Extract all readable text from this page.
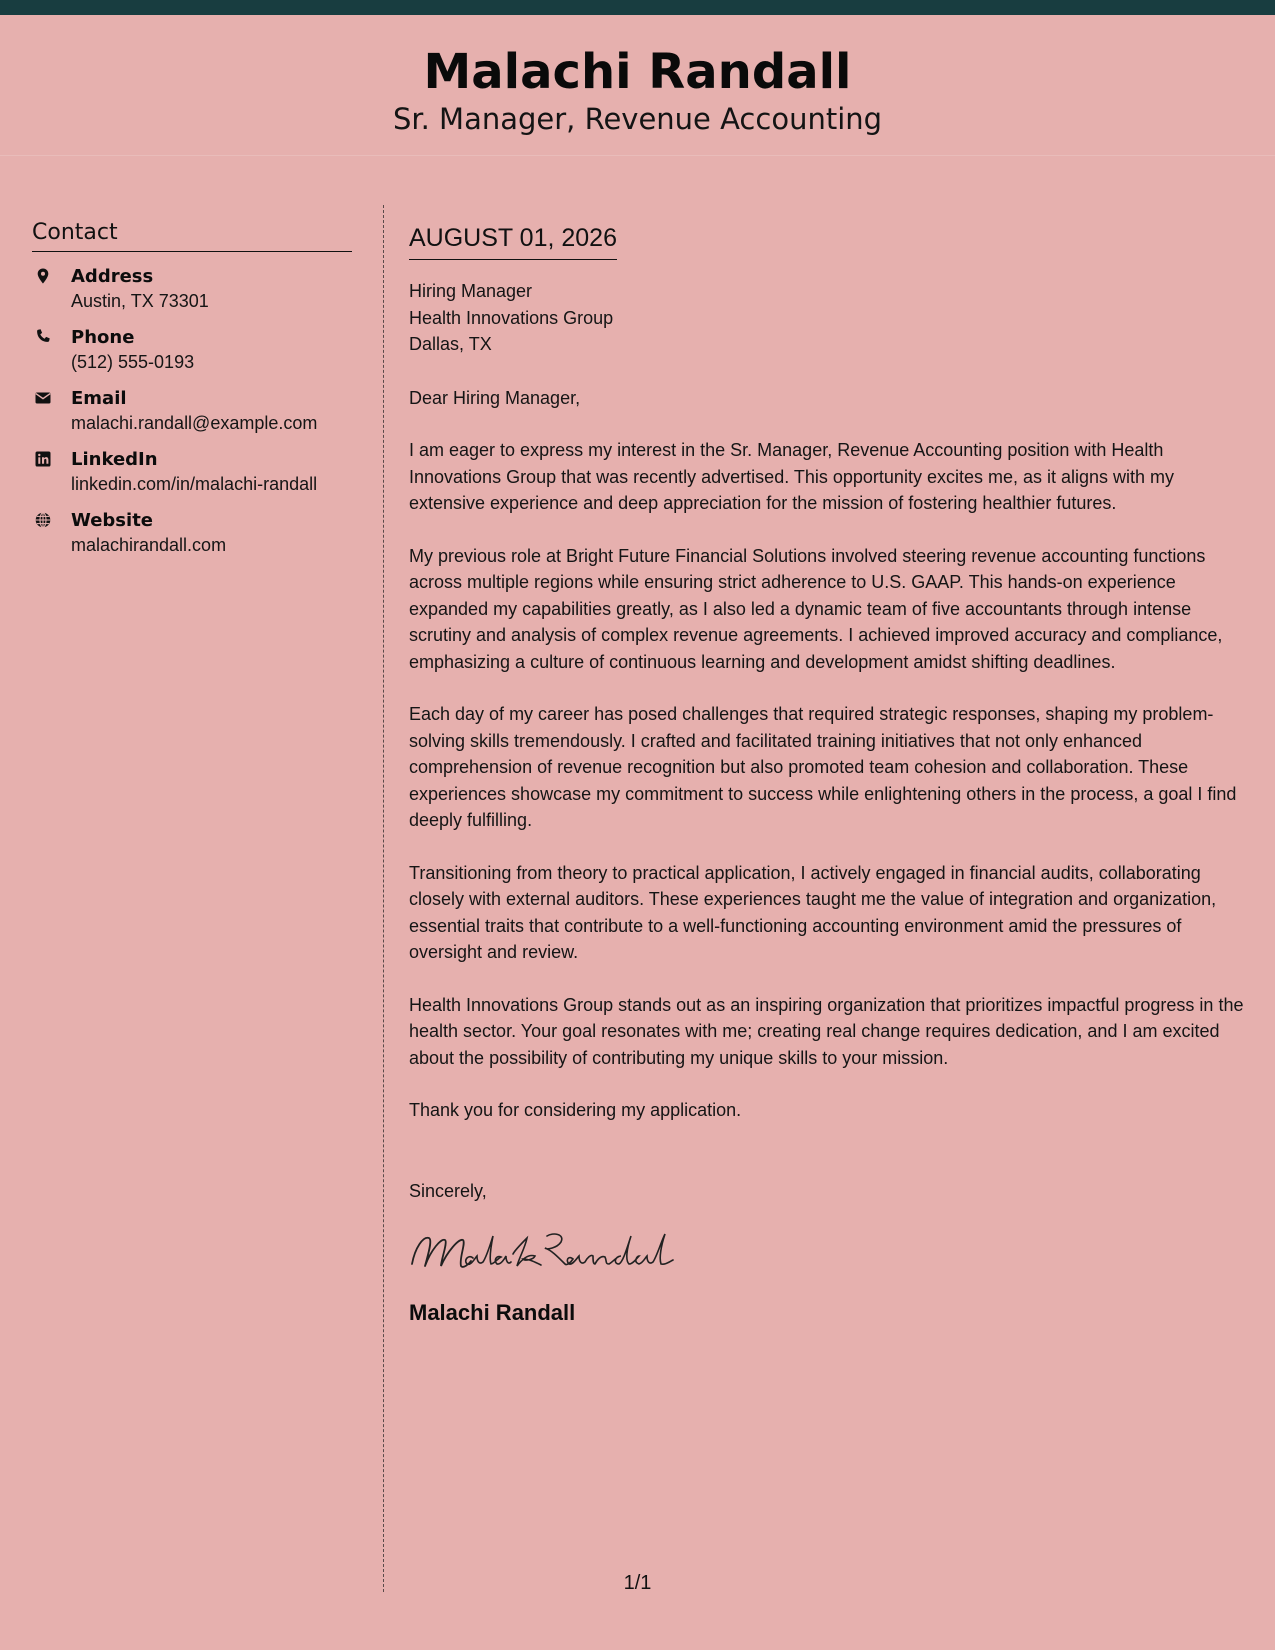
Malachi Randall
Sr. Manager, Revenue Accounting
Contact
Address
Austin, TX 73301
Phone
(512) 555-0193
Email
malachi.randall@example.com
LinkedIn
linkedin.com/in/malachi-randall
Website
malachirandall.com
AUGUST 01, 2026
Hiring Manager
Health Innovations Group
Dallas, TX
Dear Hiring Manager,
I am eager to express my interest in the Sr. Manager, Revenue Accounting position with Health Innovations Group that was recently advertised. This opportunity excites me, as it aligns with my extensive experience and deep appreciation for the mission of fostering healthier futures.
My previous role at Bright Future Financial Solutions involved steering revenue accounting functions across multiple regions while ensuring strict adherence to U.S. GAAP. This hands-on experience expanded my capabilities greatly, as I also led a dynamic team of five accountants through intense scrutiny and analysis of complex revenue agreements. I achieved improved accuracy and compliance, emphasizing a culture of continuous learning and development amidst shifting deadlines.
Each day of my career has posed challenges that required strategic responses, shaping my problem-solving skills tremendously. I crafted and facilitated training initiatives that not only enhanced comprehension of revenue recognition but also promoted team cohesion and collaboration. These experiences showcase my commitment to success while enlightening others in the process, a goal I find deeply fulfilling.
Transitioning from theory to practical application, I actively engaged in financial audits, collaborating closely with external auditors. These experiences taught me the value of integration and organization, essential traits that contribute to a well-functioning accounting environment amid the pressures of oversight and review.
Health Innovations Group stands out as an inspiring organization that prioritizes impactful progress in the health sector. Your goal resonates with me; creating real change requires dedication, and I am excited about the possibility of contributing my unique skills to your mission.
Thank you for considering my application.
Sincerely,
Malachi Randall
1/1
